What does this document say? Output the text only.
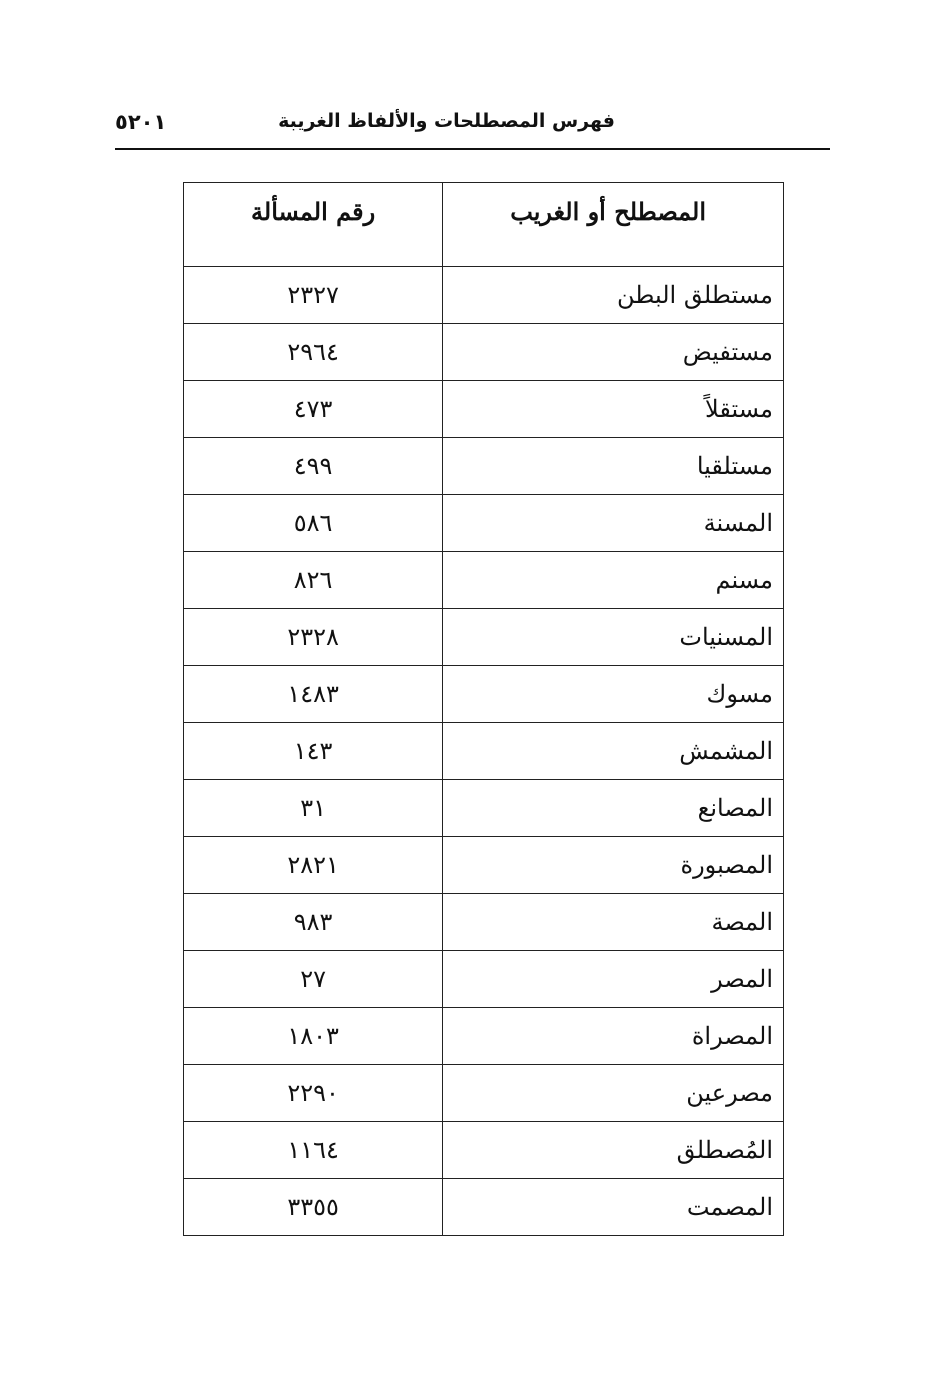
٥٢٠١	فهرس المصطلحات والألفاظ الغريبة
المصطلح أو الغريب	رقم المسألة
مستطلق البطن	٢٣٢٧
مستفيض	٢٩٦٤
مستقلاً	٤٧٣
مستلقيا	٤٩٩
المسنة	٥٨٦
مسنم	٨٢٦
المسنيات	٢٣٢٨
مسوك	١٤٨٣
المشمش	١٤٣
المصانع	٣١
المصبورة	٢٨٢١
المصة	٩٨٣
المصر	٢٧
المصراة	١٨٠٣
مصرعين	٢٢٩٠
المُصطلق	١١٦٤
المصمت	٣٣٥٥
